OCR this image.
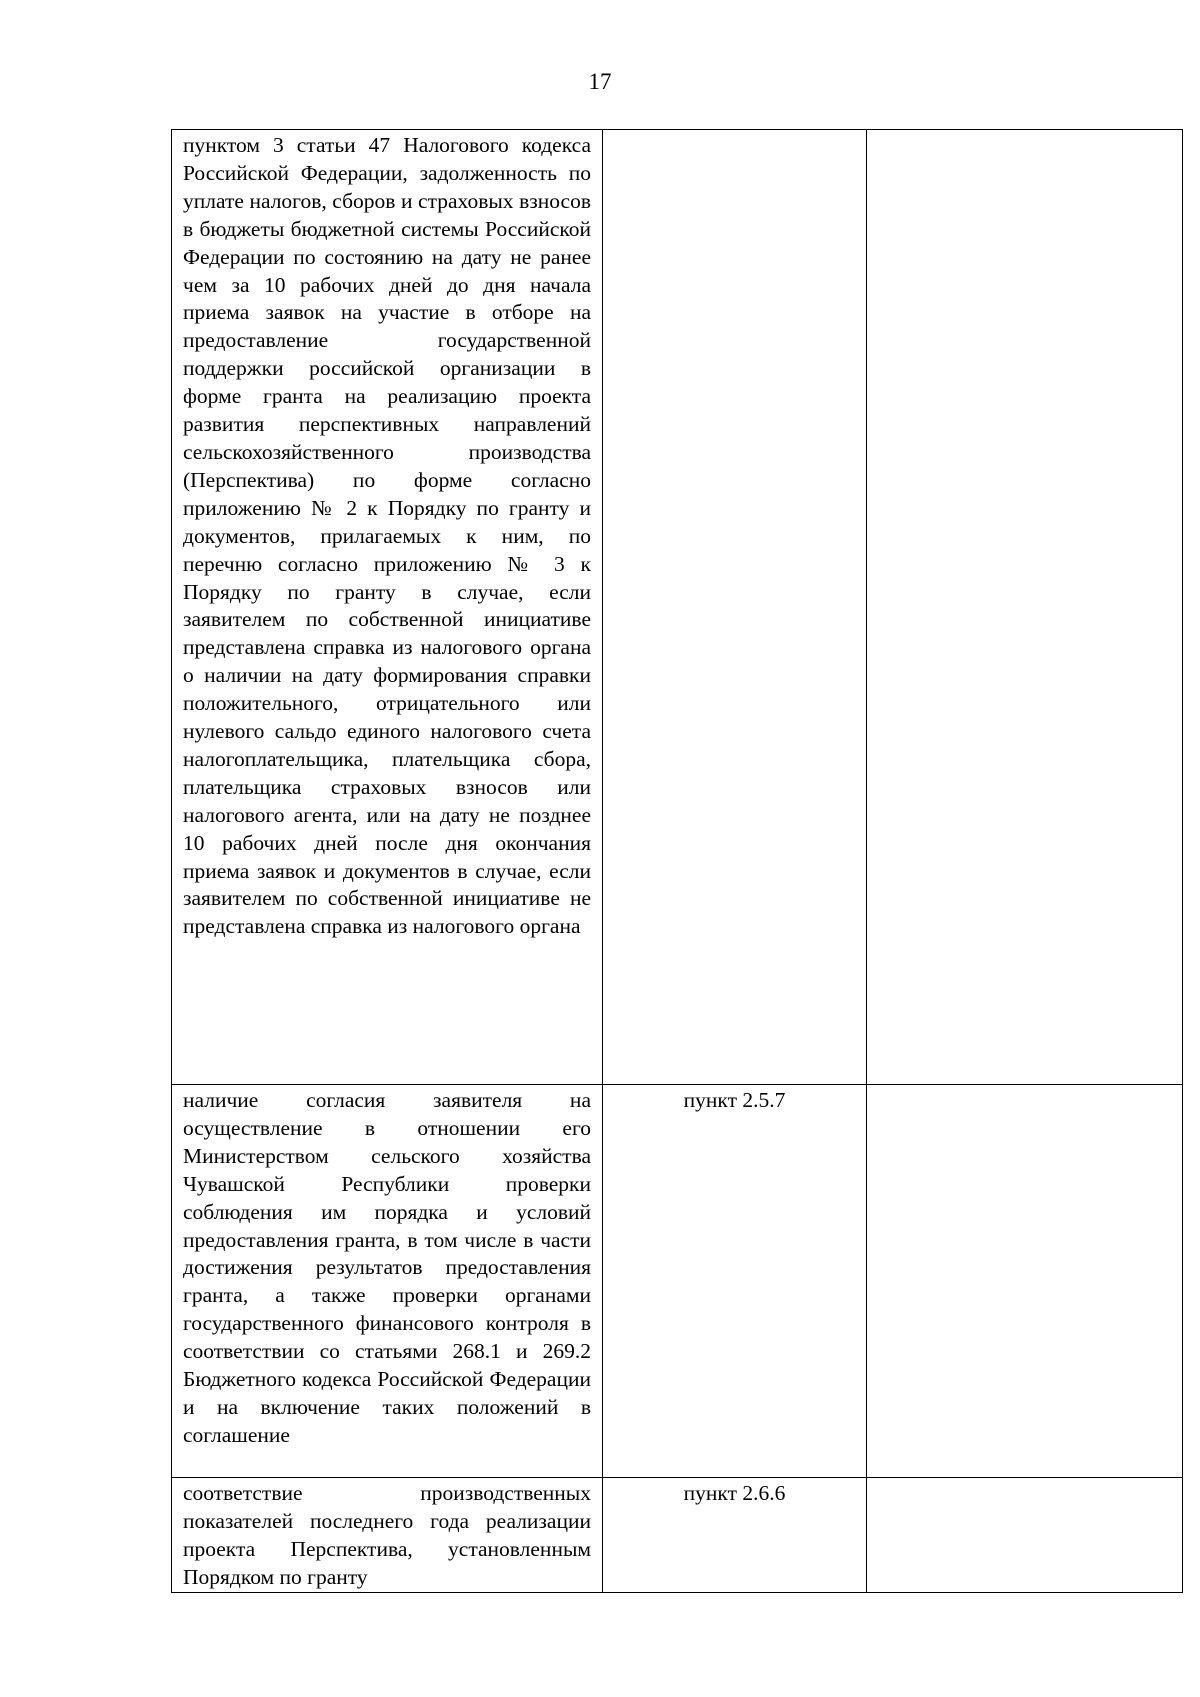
17
пунктом 3 статьи 47 Налогового кодекса Российской Федерации, задолженность по уплате налогов, сборов и страховых взносов в бюджеты бюджетной системы Российской Федерации по состоянию на дату не ранее чем за 10 рабочих дней до дня начала приема заявок на участие в отборе на предоставление государственной поддержки российской организации в форме гранта на реализацию проекта развития перспективных направлений сельскохозяйственного производства (Перспектива) по форме согласно приложению № 2 к Порядку по гранту и документов, прилагаемых к ним, по перечню согласно приложению № 3 к Порядку по гранту в случае, если заявителем по собственной инициативе представлена справка из налогового органа о наличии на дату формирования справки положительного, отрицательного или нулевого сальдо единого налогового счета налогоплательщика, плательщика сбора, плательщика страховых взносов или налогового агента, или на дату не позднее 10 рабочих дней после дня окончания приема заявок и документов в случае, если заявителем по собственной инициативе не представлена справка из налогового органа		

наличие согласия заявителя на осуществление в отношении его Министерством сельского хозяйства Чувашской Республики проверки соблюдения им порядка и условий предоставления гранта, в том числе в части достижения результатов предоставления гранта, а также проверки органами государственного финансового контроля в соответствии со статьями 268.1 и 269.2 Бюджетного кодекса Российской Федерации и на включение таких положений в соглашение	пункт 2.5.7	

соответствие производственных показателей последнего года реализации проекта Перспектива, установленным Порядком по гранту	пункт 2.6.6	
